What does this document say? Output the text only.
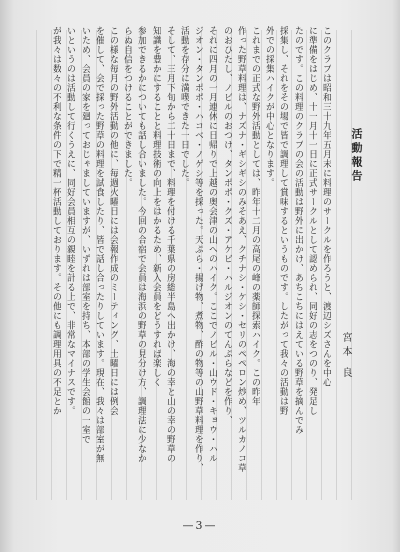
活動報告
宮本 良
このクラブは昭和三十九年五月末に料理のサークルを作ろうと、渡辺シズさんを中心
に準備をはじめ、十一月十一日に正式サークルとして認められ、同好の志をつのり、発足し
たのです。この料理のクラブの会の活動は野外に出かけ、あちこちにはえている野草を摘んでみ
採集し、それをその場で皆で調理して賞味するというものです。したがって我々の活動は野
外での採集ハイクが中心となります。
これまでの正式な野外活動としては、昨年十二月の高尾の峰の薬師探索ハイク。この昨年
作った野草料理は、ナズナ・ギシギシのみそあえ、クチナシ・ケシ・セリのペペロン炒め、ツルカノコ草
のおひたし、ノビルのおつけ、タンポポ・クズ・アケビ・ハルジオンのてんぷらなどを作り、
それに四月の一月連休に日帰りで上越の奥会津の山へのハイク。ここでノビル・山ウド・キョウ・ハル
ジオン・タンポポ・ハコベ・ノゲシ等を採った。天ぷら・揚げ物、煮物、酢の物等の山野草料理を作り、
活動を存分に満喫できた一日でした。
そして、三月下旬から二十日まで、料理を付ける千葉県の房総半島へ出かけ、海の幸と山の幸の野草の
知識を豊かにすることと料理技術の向上をはかるため、新入会員をどうすれば楽しく
参加できるかについても話し合いました。今回の合宿で会員は海浜の野草の見分け方、調理法に少なか
らぬ自信をつけることができました。
この様な毎月の野外活動の他に、毎週火曜日には会報作成のミーティング、土曜日には例会
を催して、会で採った野草の料理を試食したり、皆で話し合ったりしています。現在、我々は部室が無
いため、会員の家を廻っておじゃましていますが、いずれは部室を持ち、本部の学生会館の一室で
いというのは活動して行くうえに、同好会員相互の親睦を計る上で、非常なマイナスです。
が我々は数々の不利な条件の下で精一杯活動しております。その他にも調理用具の不足とか
—3—
